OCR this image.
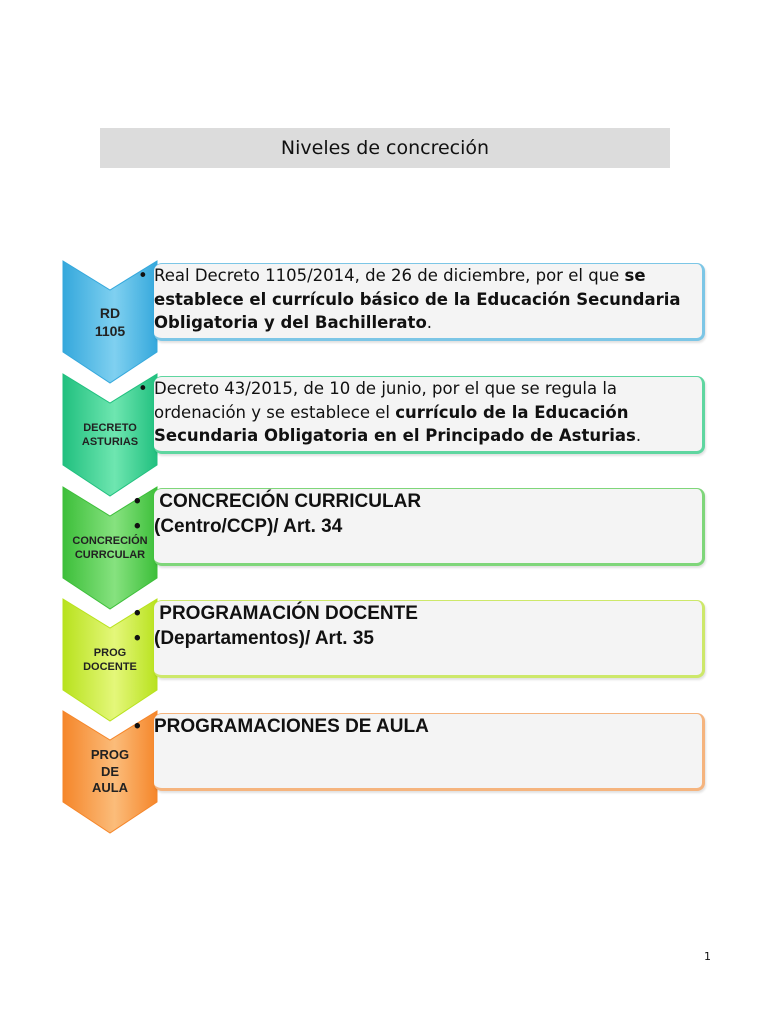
Niveles de concreción
RD
1105
• Real Decreto 1105/2014, de 26 de diciembre, por el que se establece el currículo básico de la Educación Secundaria Obligatoria y del Bachillerato.
DECRETO
ASTURIAS
• Decreto 43/2015, de 10 de junio, por el que se regula la ordenación y se establece el currículo de la Educación Secundaria Obligatoria en el Principado de Asturias.
CONCRECIÓN
CURRCULAR
•  CONCRECIÓN CURRICULAR
• (Centro/CCP)/ Art. 34
PROG
DOCENTE
•  PROGRAMACIÓN DOCENTE
• (Departamentos)/ Art. 35
PROG
DE
AULA
• PROGRAMACIONES DE AULA
1
